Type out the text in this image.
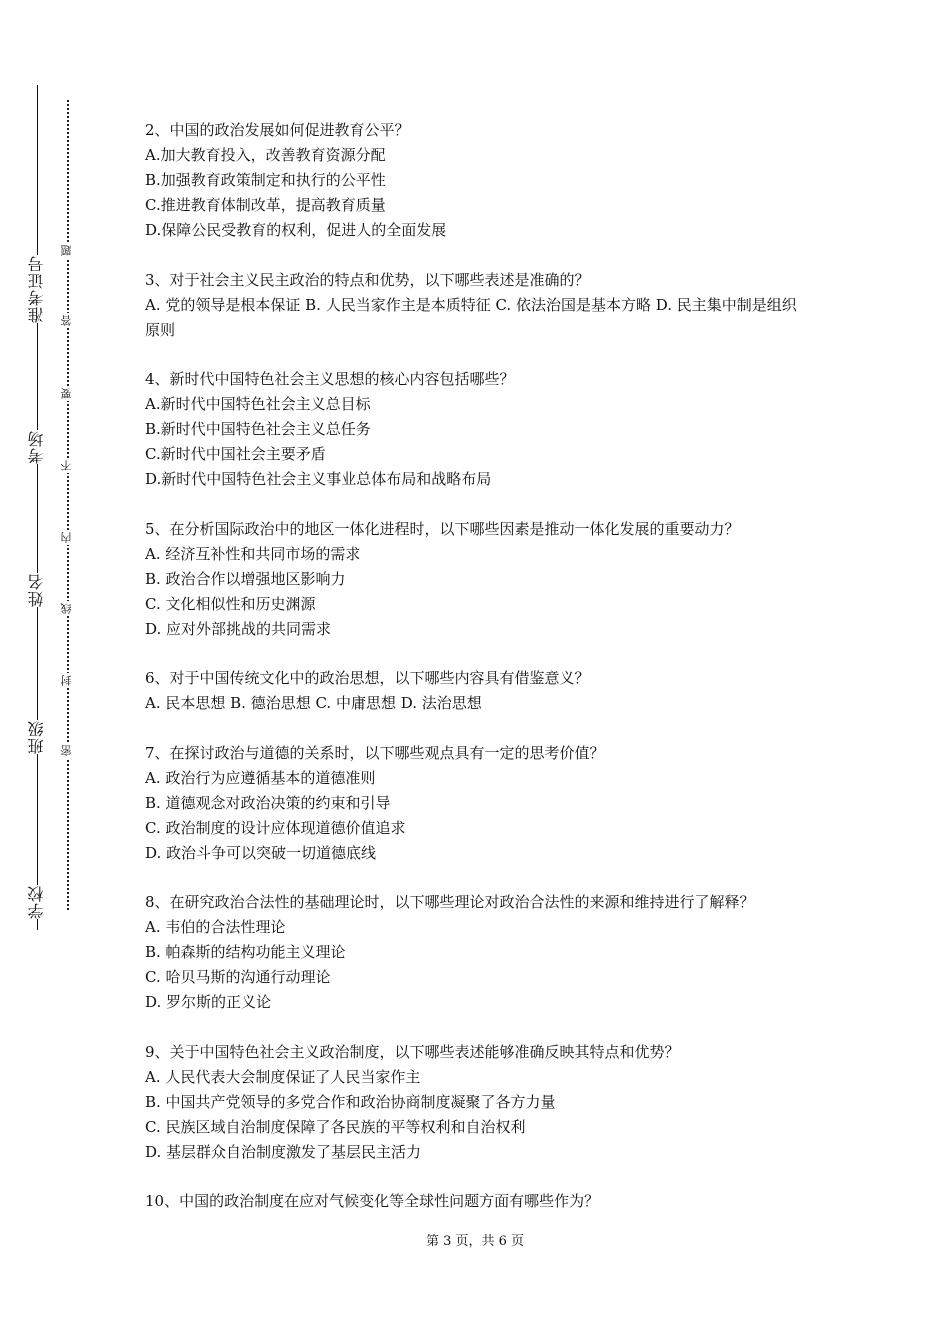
准考证号
考场
姓名
班级
学校
题
答
要
不
内
线
封
密

2、中国的政治发展如何促进教育公平？

A.加大教育投入，改善教育资源分配

B.加强教育政策制定和执行的公平性

C.推进教育体制改革，提高教育质量

D.保障公民受教育的权利，促进人的全面发展

3、对于社会主义民主政治的特点和优势，以下哪些表述是准确的？

A. 党的领导是根本保证 B. 人民当家作主是本质特征 C. 依法治国是基本方略 D. 民主集中制是组织原则

4、新时代中国特色社会主义思想的核心内容包括哪些？

A.新时代中国特色社会主义总目标

B.新时代中国特色社会主义总任务

C.新时代中国社会主要矛盾

D.新时代中国特色社会主义事业总体布局和战略布局

5、在分析国际政治中的地区一体化进程时，以下哪些因素是推动一体化发展的重要动力？

A. 经济互补性和共同市场的需求

B. 政治合作以增强地区影响力

C. 文化相似性和历史渊源

D. 应对外部挑战的共同需求

6、对于中国传统文化中的政治思想，以下哪些内容具有借鉴意义？

A. 民本思想 B. 德治思想 C. 中庸思想 D. 法治思想

7、在探讨政治与道德的关系时，以下哪些观点具有一定的思考价值？

A. 政治行为应遵循基本的道德准则

B. 道德观念对政治决策的约束和引导

C. 政治制度的设计应体现道德价值追求

D. 政治斗争可以突破一切道德底线

8、在研究政治合法性的基础理论时，以下哪些理论对政治合法性的来源和维持进行了解释？

A. 韦伯的合法性理论

B. 帕森斯的结构功能主义理论

C. 哈贝马斯的沟通行动理论

D. 罗尔斯的正义论

9、关于中国特色社会主义政治制度，以下哪些表述能够准确反映其特点和优势？

A. 人民代表大会制度保证了人民当家作主

B. 中国共产党领导的多党合作和政治协商制度凝聚了各方力量

C. 民族区域自治制度保障了各民族的平等权利和自治权利

D. 基层群众自治制度激发了基层民主活力

10、中国的政治制度在应对气候变化等全球性问题方面有哪些作为？

第 3 页，共 6 页
